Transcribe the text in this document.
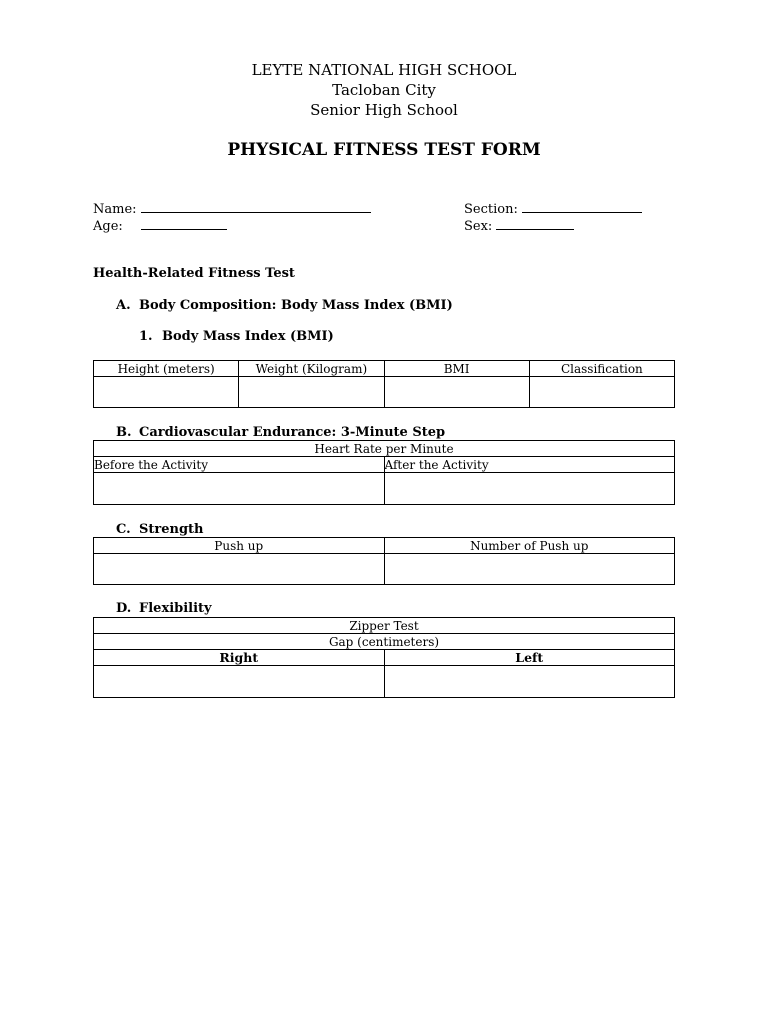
LEYTE NATIONAL HIGH SCHOOL
Tacloban City
Senior High School
PHYSICAL FITNESS TEST FORM
Name:
Age:
Section:
Sex:
Health-Related Fitness Test
A. Body Composition: Body Mass Index (BMI)
1. Body Mass Index (BMI)
Height (meters)	Weight (Kilogram)	BMI	Classification

B. Cardiovascular Endurance: 3-Minute Step
Heart Rate per Minute	
Before the Activity	After the Activity

C. Strength
Push up	Number of Push up

D. Flexibility
Zipper Test	
Gap (centimeters)	
Right	Left
